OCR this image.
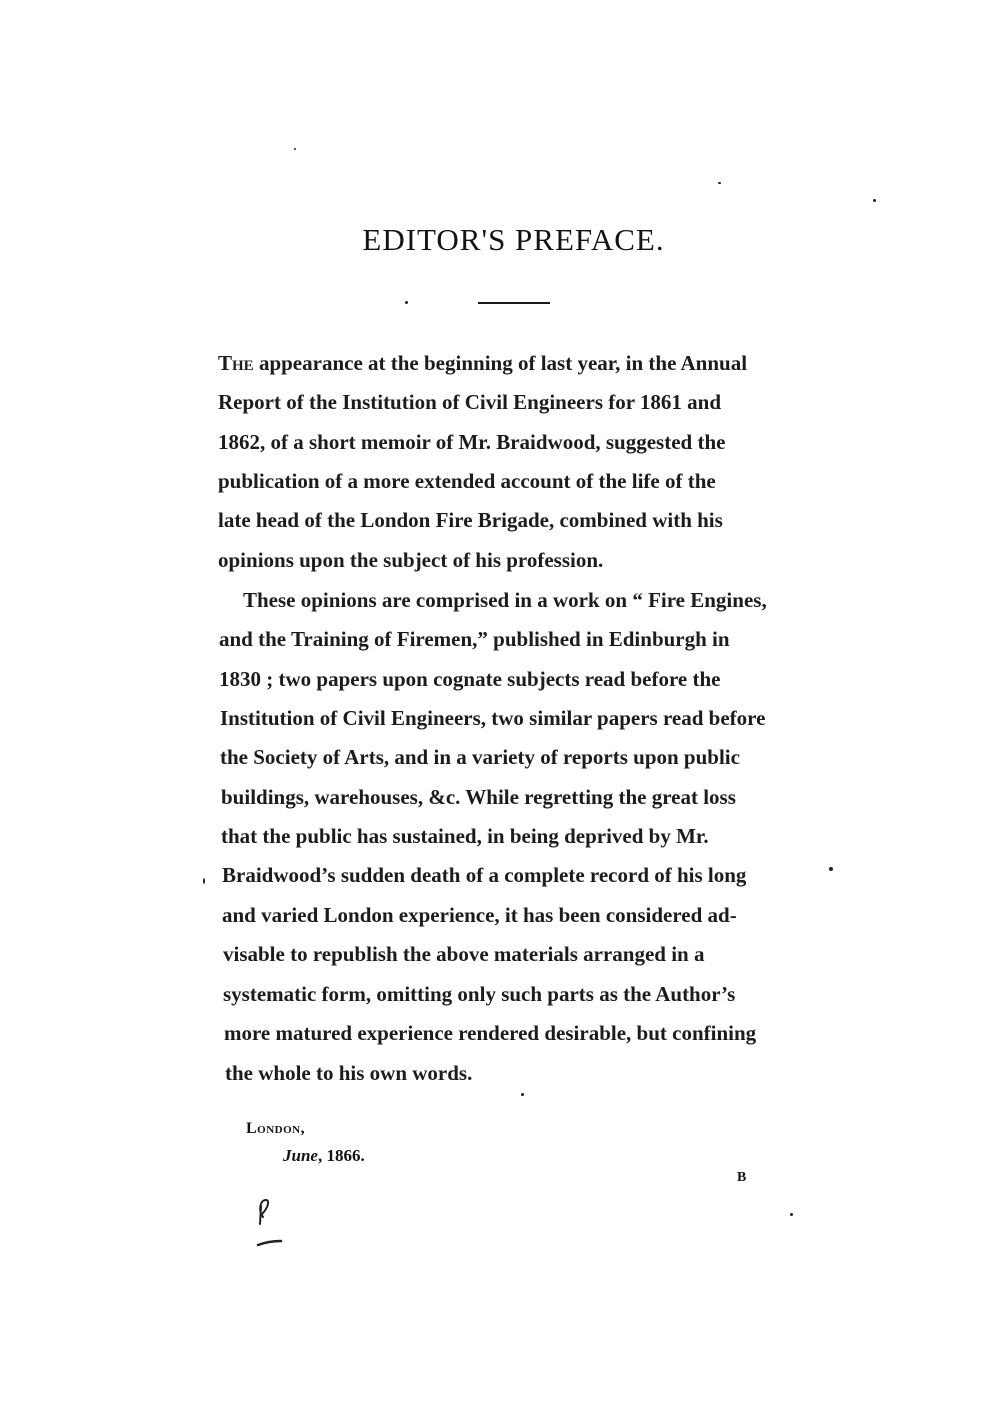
EDITOR'S PREFACE.
The appearance at the beginning of last year, in the Annual
Report of the Institution of Civil Engineers for 1861 and
1862, of a short memoir of Mr. Braidwood, suggested the
publication of a more extended account of the life of the
late head of the London Fire Brigade, combined with his
opinions upon the subject of his profession.
These opinions are comprised in a work on “ Fire Engines,
and the Training of Firemen,” published in Edinburgh in
1830 ; two papers upon cognate subjects read before the
Institution of Civil Engineers, two similar papers read before
the Society of Arts, and in a variety of reports upon public
buildings, warehouses, &c. While regretting the great loss
that the public has sustained, in being deprived by Mr.
Braidwood’s sudden death of a complete record of his long
and varied London experience, it has been considered ad-
visable to republish the above materials arranged in a
systematic form, omitting only such parts as the Author’s
more matured experience rendered desirable, but confining
the whole to his own words.
London,
June, 1866.
B
